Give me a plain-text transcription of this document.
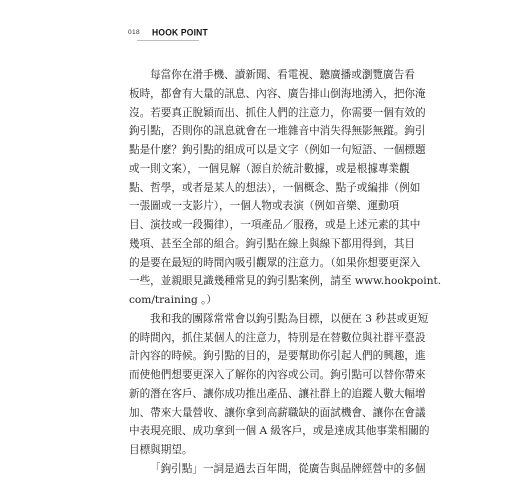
018 HOOK POINT

每當你在滑手機、讀新聞、看電視、聽廣播或瀏覽廣告看
板時，都會有大量的訊息、內容、廣告排山倒海地湧入，把你淹
沒。若要真正脫穎而出、抓住人們的注意力，你需要一個有效的
鉤引點，否則你的訊息就會在一堆雜音中消失得無影無蹤。鉤引
點是什麼？鉤引點的組成可以是文字（例如一句短語、一個標題
或一則文案），一個見解（源自於統計數據，或是根據專業觀
點、哲學，或者是某人的想法），一個概念、點子或編排（例如
一張圖或一支影片），一個人物或表演（例如音樂、運動項
目、演技或一段獨律），一項產品／服務，或是上述元素的其中
幾項、甚至全部的組合。鉤引點在線上與線下都用得到，其目
的是要在最短的時間內吸引觀眾的注意力。（如果你想要更深入
一些，並親眼見識幾種常見的鉤引點案例，請至 www.hookpoint.
com/training 。）

我和我的團隊常常會以鉤引點為目標，以便在 3 秒甚或更短
的時間內，抓住某個人的注意力，特別是在替數位與社群平臺設
計內容的時候。鉤引點的目的，是要幫助你引起人們的興趣，進
而使他們想要更深入了解你的內容或公司。鉤引點可以替你帶來
新的潛在客戶、讓你成功推出產品、讓社群上的追蹤人數大幅增
加、帶來大量營收、讓你拿到高薪職缺的面試機會、讓你在會議
中表現亮眼、成功拿到一個 A 級客戶，或是達成其他事業相關的
目標與期望。

「鉤引點」一詞是過去百年間，從廣告與品牌經營中的多個
